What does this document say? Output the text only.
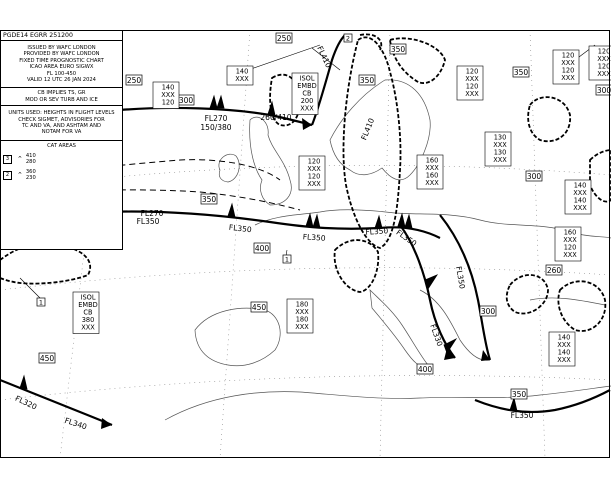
250
250
300
350
350
350
300
350
400
450
450
400
300
260
350
300
FL270
150/380
FL270
FL350
260/410
FL350
FL350
FL350 FL350
FL350
FL350
FL320
FL340
FL410
FL410
FL330
140
XXX
120
120
XXX
120
XXX
140
XXX	ISOL
EMBD
CB
200
XXX
120
XXX
120
XXX
120
XXX
120
XXX
120
XXX
120
XXX
130
XXX
130
XXX
160
XXX
160
XXX	140
XXX
140
XXX
160
XXX
120
XXX
ISOL
EMBD
CB
380
XXX
180
XXX
180
XXX
140
XXX
140
XXX
1
2
1
PGDE14 EGRR 251200
ISSUED BY WAFC LONDON
PROVIDED BY WAFC LONDON
FIXED TIME PROGNOSTIC CHART
ICAO AREA EURO SIGWX
FL 100-450
VALID 12 UTC 26 JAN 2024
CB IMPLIES TS, GR
MOD OR SEV TURB AND ICE
UNITS USED: HEIGHTS IN FLIGHT LEVELS
CHECK SIGMET, ADVISORIES FOR
TC AND VA, AND ASHTAM AND
NOTAM FOR VA
CAT AREAS
3	⌃ 410
280
2	⌃ 360
230
